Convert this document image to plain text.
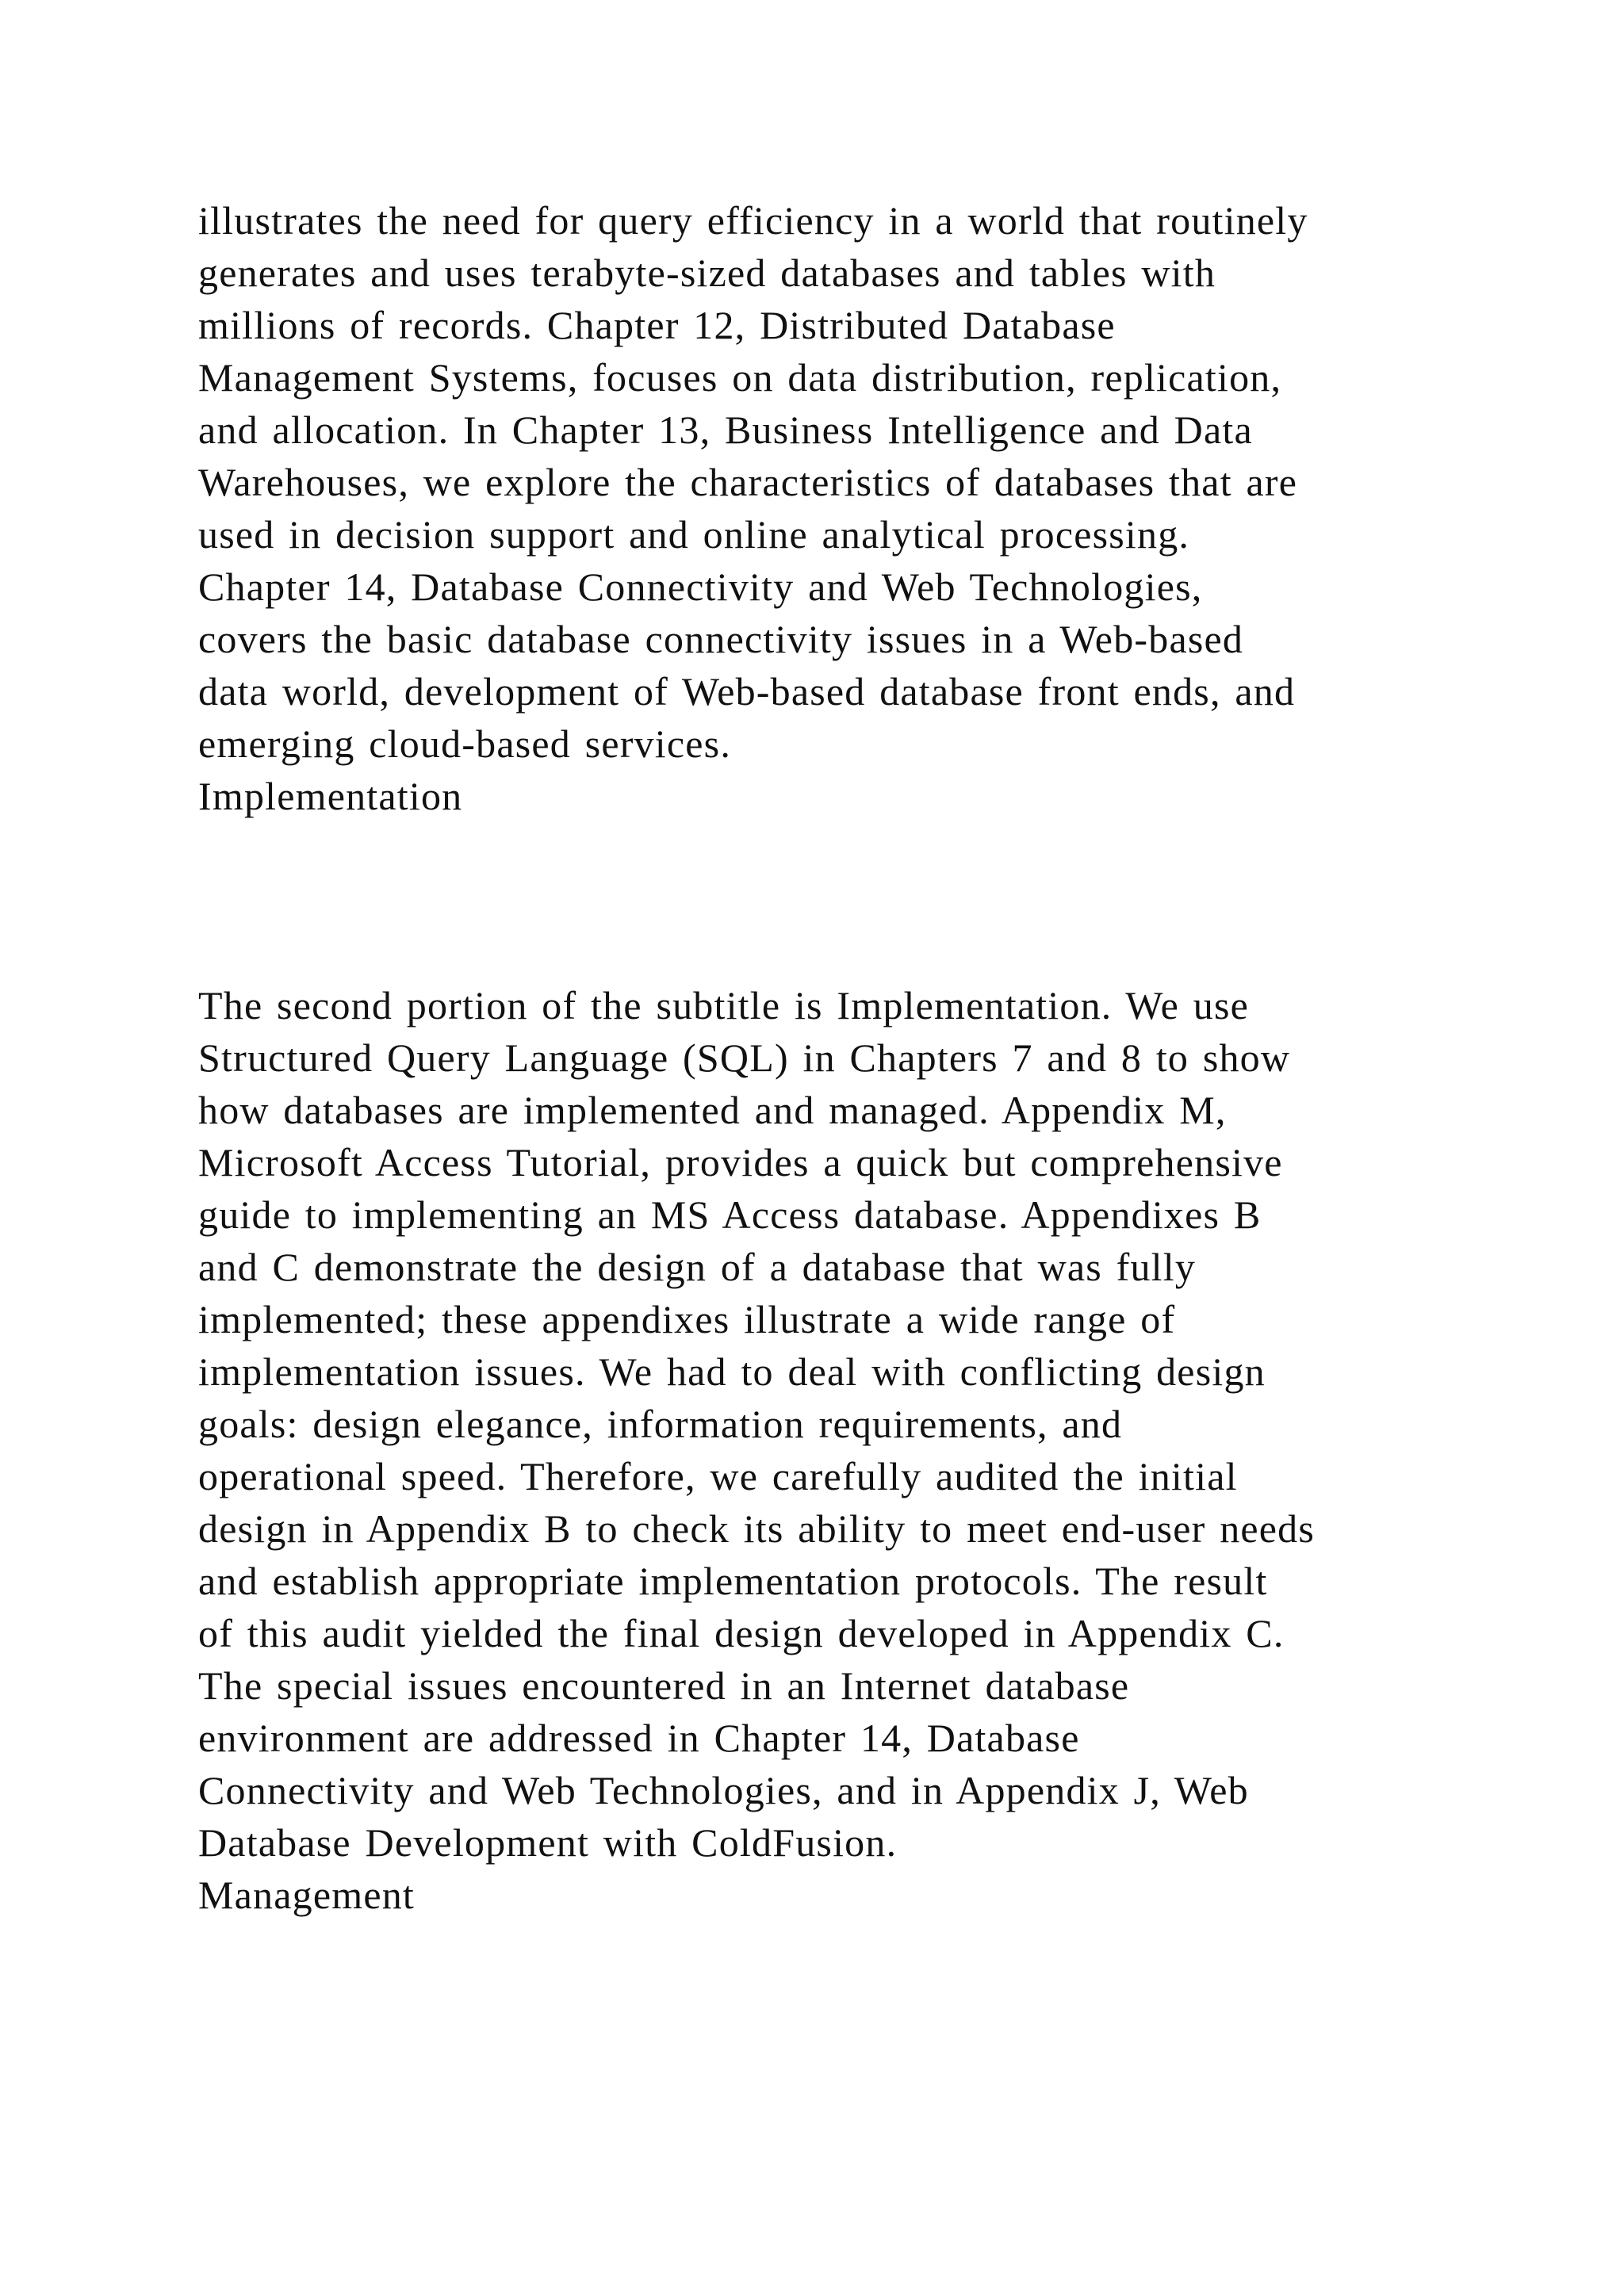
illustrates the need for query efficiency in a world that routinely
generates and uses terabyte-sized databases and tables with
millions of records. Chapter 12, Distributed Database
Management Systems, focuses on data distribution, replication,
and allocation. In Chapter 13, Business Intelligence and Data
Warehouses, we explore the characteristics of databases that are
used in decision support and online analytical processing.
Chapter 14, Database Connectivity and Web Technologies,
covers the basic database connectivity issues in a Web-based
data world, development of Web-based database front ends, and
emerging cloud-based services.
Implementation
The second portion of the subtitle is Implementation. We use
Structured Query Language (SQL) in Chapters 7 and 8 to show
how databases are implemented and managed. Appendix M,
Microsoft Access Tutorial, provides a quick but comprehensive
guide to implementing an MS Access database. Appendixes B
and C demonstrate the design of a database that was fully
implemented; these appendixes illustrate a wide range of
implementation issues. We had to deal with conflicting design
goals: design elegance, information requirements, and
operational speed. Therefore, we carefully audited the initial
design in Appendix B to check its ability to meet end-user needs
and establish appropriate implementation protocols. The result
of this audit yielded the final design developed in Appendix C.
The special issues encountered in an Internet database
environment are addressed in Chapter 14, Database
Connectivity and Web Technologies, and in Appendix J, Web
Database Development with ColdFusion.
Management
